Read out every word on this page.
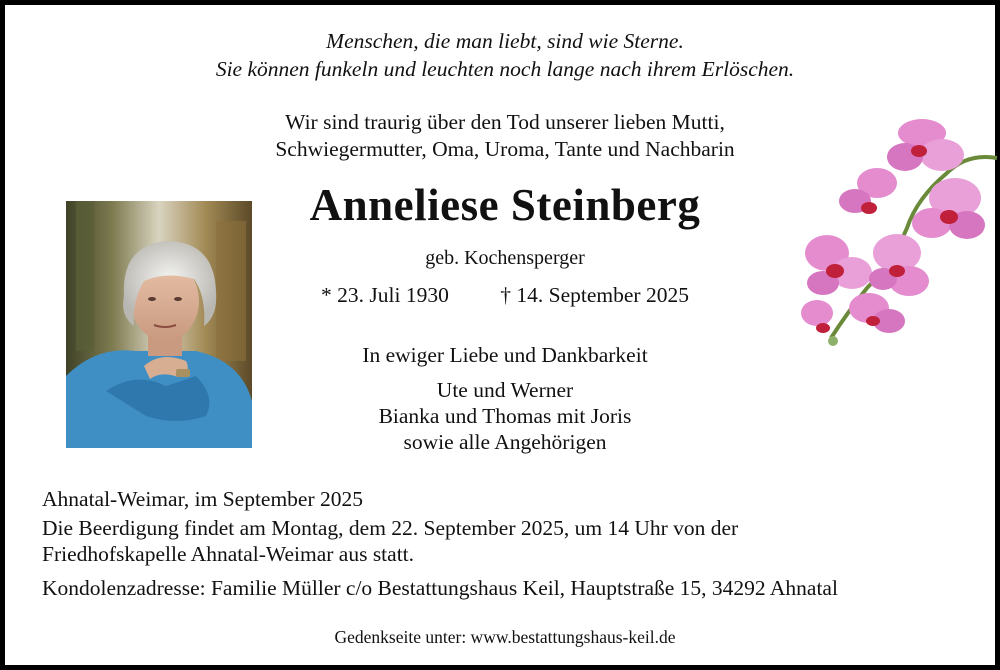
Menschen, die man liebt, sind wie Sterne.
Sie können funkeln und leuchten noch lange nach ihrem Erlöschen.
Wir sind traurig über den Tod unserer lieben Mutti,
Schwiegermutter, Oma, Uroma, Tante und Nachbarin
Anneliese Steinberg
geb. Kochensperger
* 23. Juli 1930 † 14. September 2025
In ewiger Liebe und Dankbarkeit
Ute und Werner
Bianka und Thomas mit Joris
sowie alle Angehörigen
Ahnatal-Weimar, im September 2025
Die Beerdigung findet am Montag, dem 22. September 2025, um 14 Uhr von der
Friedhofskapelle Ahnatal-Weimar aus statt.
Kondolenzadresse: Familie Müller c/o Bestattungshaus Keil, Hauptstraße 15, 34292 Ahnatal
Gedenkseite unter: www.bestattungshaus-keil.de
